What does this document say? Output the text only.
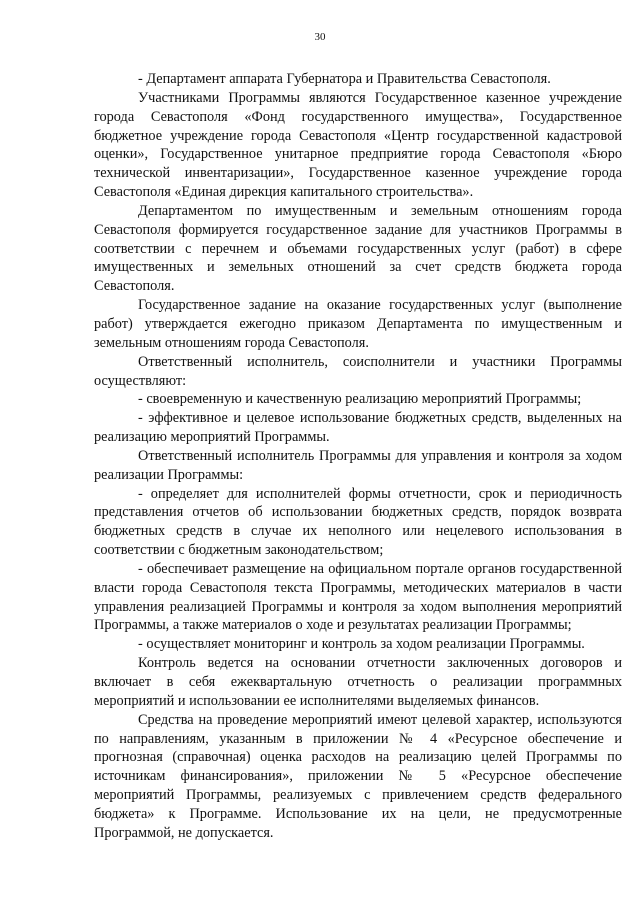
30

- Департамент аппарата Губернатора и Правительства Севастополя.

Участниками Программы являются Государственное казенное учреждение города Севастополя «Фонд государственного имущества», Государственное бюджетное учреждение города Севастополя «Центр государственной кадастровой оценки», Государственное унитарное предприятие города Севастополя «Бюро технической инвентаризации», Государственное казенное учреждение города Севастополя «Единая дирекция капитального строительства».

Департаментом по имущественным и земельным отношениям города Севастополя формируется государственное задание для участников Программы в соответствии с перечнем и объемами государственных услуг (работ) в сфере имущественных и земельных отношений за счет средств бюджета города Севастополя.

Государственное задание на оказание государственных услуг (выполнение работ) утверждается ежегодно приказом Департамента по имущественным и земельным отношениям города Севастополя.

Ответственный исполнитель, соисполнители и участники Программы осуществляют:

- своевременную и качественную реализацию мероприятий Программы;

- эффективное и целевое использование бюджетных средств, выделенных на реализацию мероприятий Программы.

Ответственный исполнитель Программы для управления и контроля за ходом реализации Программы:

- определяет для исполнителей формы отчетности, срок и периодичность представления отчетов об использовании бюджетных средств, порядок возврата бюджетных средств в случае их неполного или нецелевого использования в соответствии с бюджетным законодательством;

- обеспечивает размещение на официальном портале органов государственной власти города Севастополя текста Программы, методических материалов в части управления реализацией Программы и контроля за ходом выполнения мероприятий Программы, а также материалов о ходе и результатах реализации Программы;

- осуществляет мониторинг и контроль за ходом реализации Программы.

Контроль ведется на основании отчетности заключенных договоров и включает в себя ежеквартальную отчетность о реализации программных мероприятий и использовании ее исполнителями выделяемых финансов.

Средства на проведение мероприятий имеют целевой характер, используются по направлениям, указанным в приложении № 4 «Ресурсное обеспечение и прогнозная (справочная) оценка расходов на реализацию целей Программы по источникам финансирования», приложении № 5 «Ресурсное обеспечение мероприятий Программы, реализуемых с привлечением средств федерального бюджета» к Программе. Использование их на цели, не предусмотренные Программой, не допускается.
